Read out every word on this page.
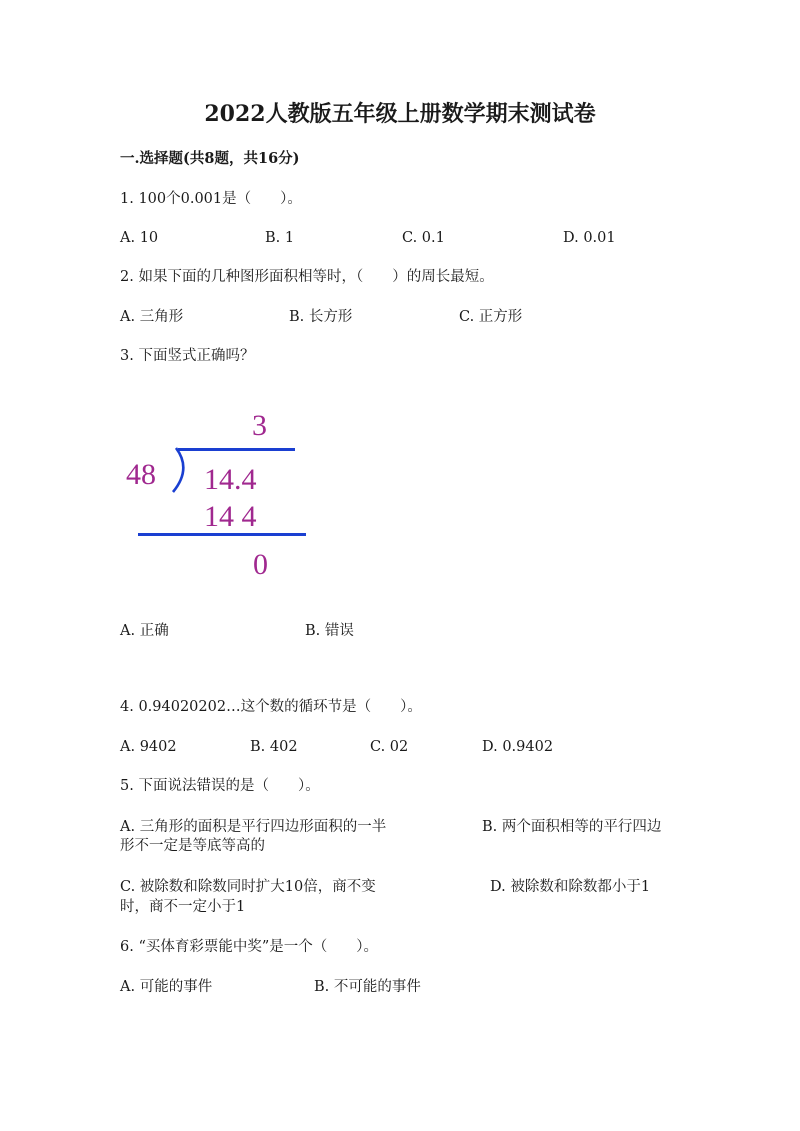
2022人教版五年级上册数学期末测试卷
一.选择题(共8题，共16分)
1. 100个0.001是（　　）。
A. 10	B. 1	C. 0.1	D. 0.01
2. 如果下面的几种图形面积相等时，（　　）的周长最短。
A. 三角形	B. 长方形	C. 正方形
3. 下面竖式正确吗？
3
48 14.4
14 4
0
A. 正确	B. 错误
4. 0.94020202…这个数的循环节是（　　）。
A. 9402	B. 402	C. 02	D. 0.9402
5. 下面说法错误的是（　　）。
A. 三角形的面积是平行四边形面积的一半	B. 两个面积相等的平行四边
形不一定是等底等高的
C. 被除数和除数同时扩大10倍，商不变	D. 被除数和除数都小于1
时，商不一定小于1
6. “买体育彩票能中奖”是一个（　　）。
A. 可能的事件	B. 不可能的事件
